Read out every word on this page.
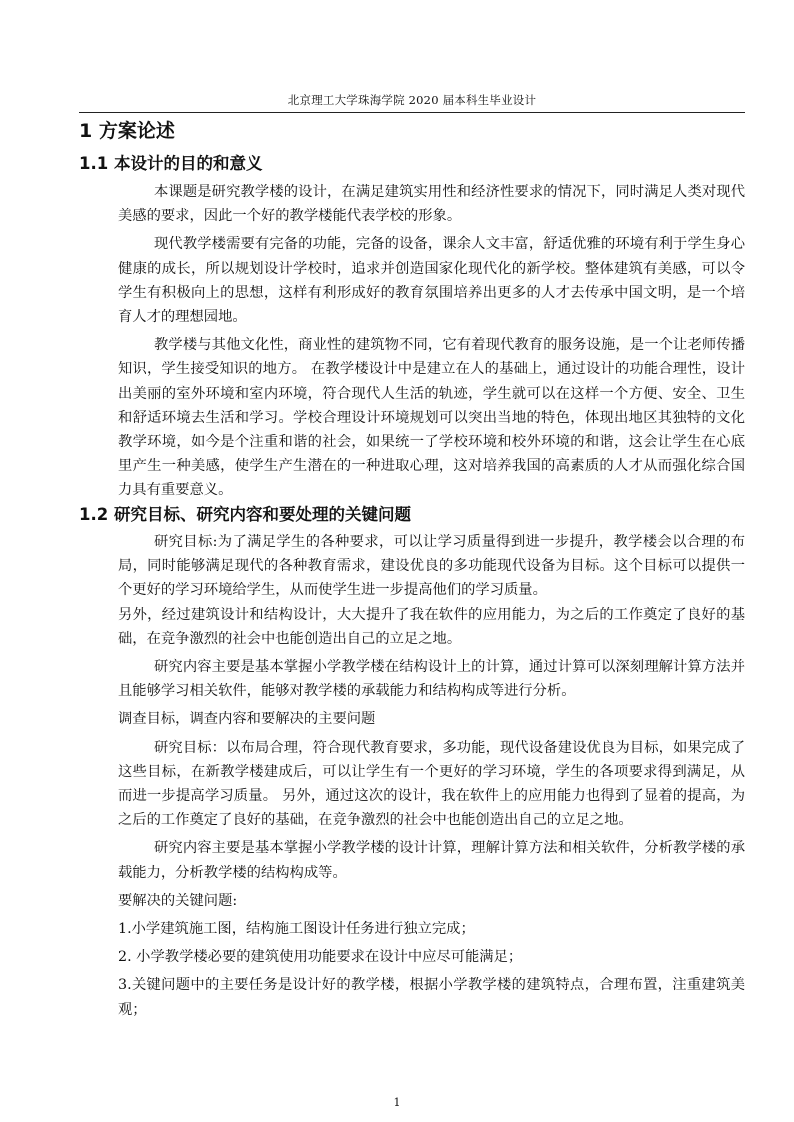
北京理工大学珠海学院 2020 届本科生毕业设计
1 方案论述
1.1 本设计的目的和意义

本课题是研究教学楼的设计，在满足建筑实用性和经济性要求的情况下，同时满足人类对现代美感的要求，因此一个好的教学楼能代表学校的形象。

现代教学楼需要有完备的功能，完备的设备，课余人文丰富，舒适优雅的环境有利于学生身心健康的成长，所以规划设计学校时，追求并创造国家化现代化的新学校。整体建筑有美感，可以令学生有积极向上的思想，这样有利形成好的教育氛围培养出更多的人才去传承中国文明，是一个培育人才的理想园地。

教学楼与其他文化性，商业性的建筑物不同，它有着现代教育的服务设施，是一个让老师传播知识，学生接受知识的地方。 在教学楼设计中是建立在人的基础上，通过设计的功能合理性，设计出美丽的室外环境和室内环境，符合现代人生活的轨迹，学生就可以在这样一个方便、安全、卫生和舒适环境去生活和学习。学校合理设计环境规划可以突出当地的特色，体现出地区其独特的文化教学环境，如今是个注重和谐的社会，如果统一了学校环境和校外环境的和谐，这会让学生在心底里产生一种美感，使学生产生潜在的一种进取心理，这对培养我国的高素质的人才从而强化综合国力具有重要意义。

1.2 研究目标、研究内容和要处理的关键问题

研究目标:为了满足学生的各种要求，可以让学习质量得到进一步提升，教学楼会以合理的布局，同时能够满足现代的各种教育需求，建设优良的多功能现代设备为目标。这个目标可以提供一个更好的学习环境给学生，从而使学生进一步提高他们的学习质量。

另外，经过建筑设计和结构设计，大大提升了我在软件的应用能力，为之后的工作奠定了良好的基础，在竞争激烈的社会中也能创造出自己的立足之地。

研究内容主要是基本掌握小学教学楼在结构设计上的计算，通过计算可以深刻理解计算方法并且能够学习相关软件，能够对教学楼的承载能力和结构构成等进行分析。

调查目标，调查内容和要解决的主要问题

研究目标：以布局合理，符合现代教育要求，多功能，现代设备建设优良为目标，如果完成了这些目标，在新教学楼建成后，可以让学生有一个更好的学习环境，学生的各项要求得到满足，从而进一步提高学习质量。 另外，通过这次的设计，我在软件上的应用能力也得到了显着的提高，为之后的工作奠定了良好的基础，在竞争激烈的社会中也能创造出自己的立足之地。

研究内容主要是基本掌握小学教学楼的设计计算，理解计算方法和相关软件，分析教学楼的承载能力，分析教学楼的结构构成等。

要解决的关键问题:

1.小学建筑施工图，结构施工图设计任务进行独立完成；

2. 小学教学楼必要的建筑使用功能要求在设计中应尽可能满足；

3.关键问题中的主要任务是设计好的教学楼，根据小学教学楼的建筑特点，合理布置，注重建筑美观；

1
